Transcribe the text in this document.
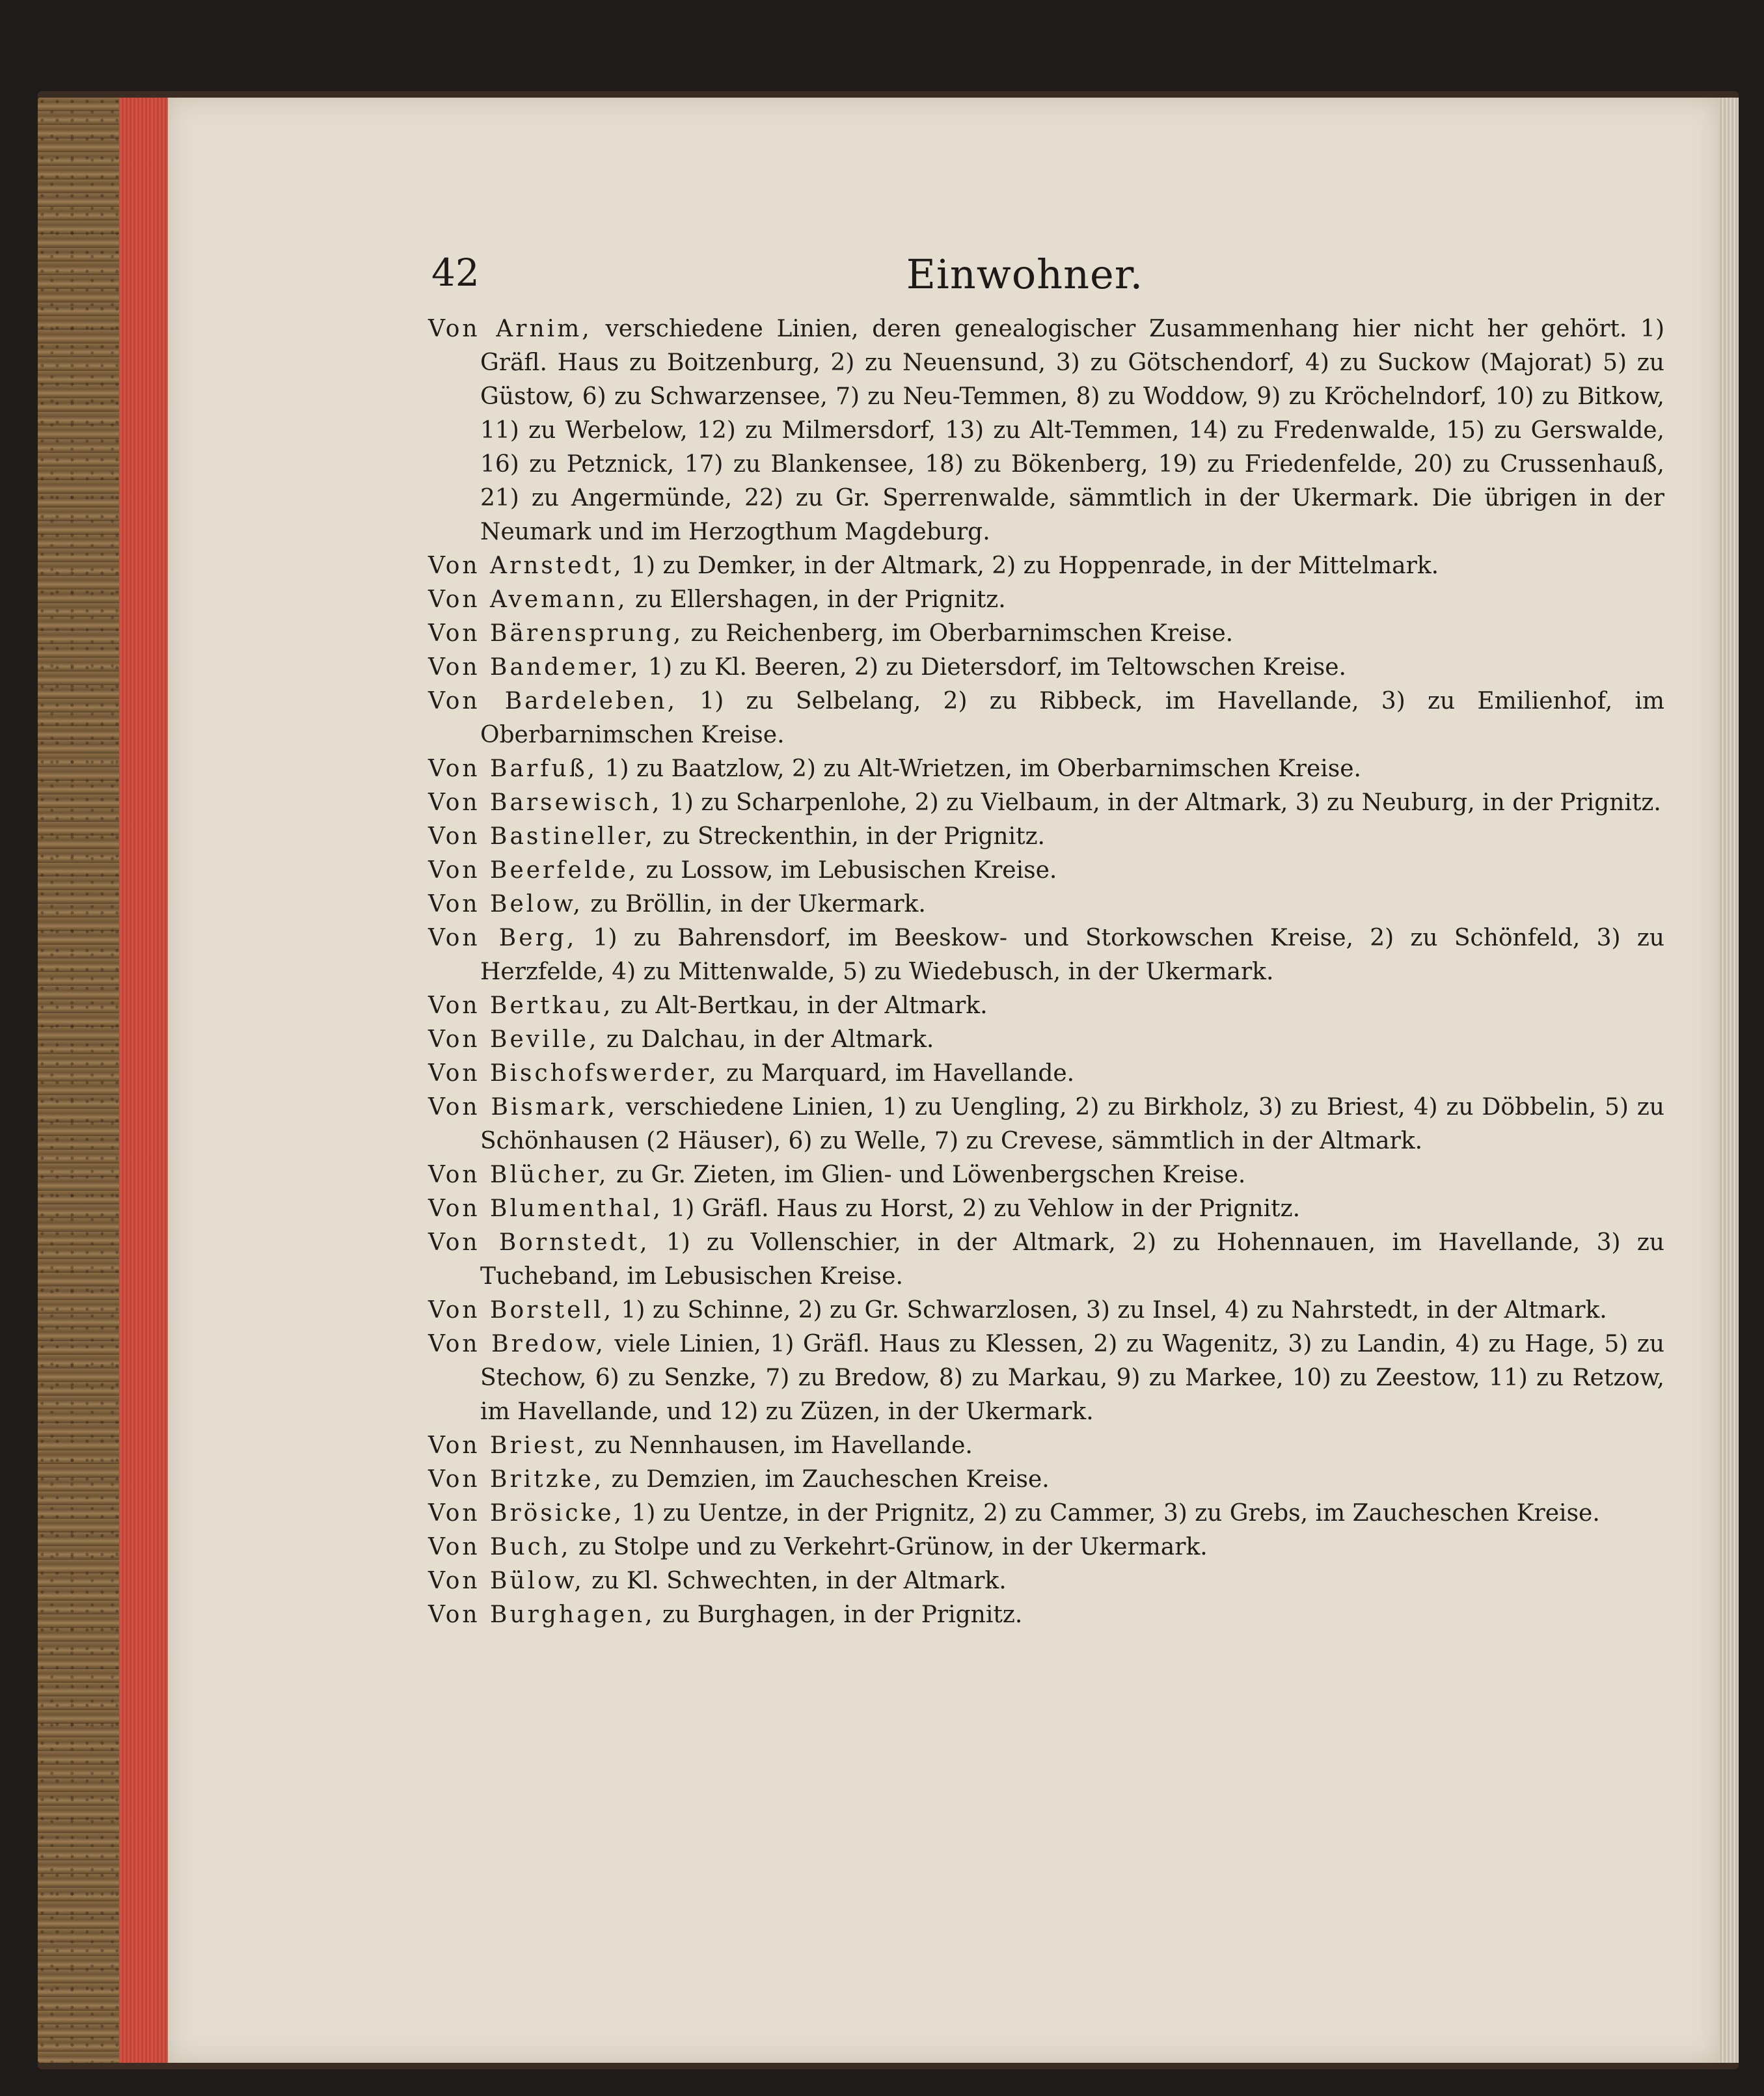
42	Einwohner.

Von Arnim, verschiedene Linien, deren genealogischer Zusammenhang hier nicht her gehört. 1) Gräfl. Haus zu Boitzenburg, 2) zu Neuensund, 3) zu Götschendorf, 4) zu Suckow (Majorat) 5) zu Güstow, 6) zu Schwarzensee, 7) zu Neu-Temmen, 8) zu Woddow, 9) zu Kröchelndorf, 10) zu Bitkow, 11) zu Werbelow, 12) zu Milmersdorf, 13) zu Alt-Temmen, 14) zu Fredenwalde, 15) zu Gerswalde, 16) zu Petznick, 17) zu Blankensee, 18) zu Bökenberg, 19) zu Friedenfelde, 20) zu Crussenhauß, 21) zu Angermünde, 22) zu Gr. Sperrenwalde, sämmtlich in der Ukermark. Die übrigen in der Neumark und im Herzogthum Magdeburg.

Von Arnstedt, 1) zu Demker, in der Altmark, 2) zu Hoppenrade, in der Mittelmark.

Von Avemann, zu Ellershagen, in der Prignitz.

Von Bärensprung, zu Reichenberg, im Oberbarnimschen Kreise.

Von Bandemer, 1) zu Kl. Beeren, 2) zu Dietersdorf, im Teltowschen Kreise.

Von Bardeleben, 1) zu Selbelang, 2) zu Ribbeck, im Havellande, 3) zu Emilienhof, im Oberbarnimschen Kreise.

Von Barfuß, 1) zu Baatzlow, 2) zu Alt-Wrietzen, im Oberbarnimschen Kreise.

Von Barsewisch, 1) zu Scharpenlohe, 2) zu Vielbaum, in der Altmark, 3) zu Neuburg, in der Prignitz.

Von Bastineller, zu Streckenthin, in der Prignitz.

Von Beerfelde, zu Lossow, im Lebusischen Kreise.

Von Below, zu Bröllin, in der Ukermark.

Von Berg, 1) zu Bahrensdorf, im Beeskow- und Storkowschen Kreise, 2) zu Schönfeld, 3) zu Herzfelde, 4) zu Mittenwalde, 5) zu Wiedebusch, in der Ukermark.

Von Bertkau, zu Alt-Bertkau, in der Altmark.

Von Beville, zu Dalchau, in der Altmark.

Von Bischofswerder, zu Marquard, im Havellande.

Von Bismark, verschiedene Linien, 1) zu Uengling, 2) zu Birkholz, 3) zu Briest, 4) zu Döbbelin, 5) zu Schönhausen (2 Häuser), 6) zu Welle, 7) zu Crevese, sämmtlich in der Altmark.

Von Blücher, zu Gr. Zieten, im Glien- und Löwenbergschen Kreise.

Von Blumenthal, 1) Gräfl. Haus zu Horst, 2) zu Vehlow in der Prignitz.

Von Bornstedt, 1) zu Vollenschier, in der Altmark, 2) zu Hohennauen, im Havellande, 3) zu Tucheband, im Lebusischen Kreise.

Von Borstell, 1) zu Schinne, 2) zu Gr. Schwarzlosen, 3) zu Insel, 4) zu Nahrstedt, in der Altmark.

Von Bredow, viele Linien, 1) Gräfl. Haus zu Klessen, 2) zu Wagenitz, 3) zu Landin, 4) zu Hage, 5) zu Stechow, 6) zu Senzke, 7) zu Bredow, 8) zu Markau, 9) zu Markee, 10) zu Zeestow, 11) zu Retzow, im Havellande, und 12) zu Züzen, in der Ukermark.

Von Briest, zu Nennhausen, im Havellande.

Von Britzke, zu Demzien, im Zaucheschen Kreise.

Von Brösicke, 1) zu Uentze, in der Prignitz, 2) zu Cammer, 3) zu Grebs, im Zaucheschen Kreise.

Von Buch, zu Stolpe und zu Verkehrt-Grünow, in der Ukermark.

Von Bülow, zu Kl. Schwechten, in der Altmark.

Von Burghagen, zu Burghagen, in der Prignitz.
